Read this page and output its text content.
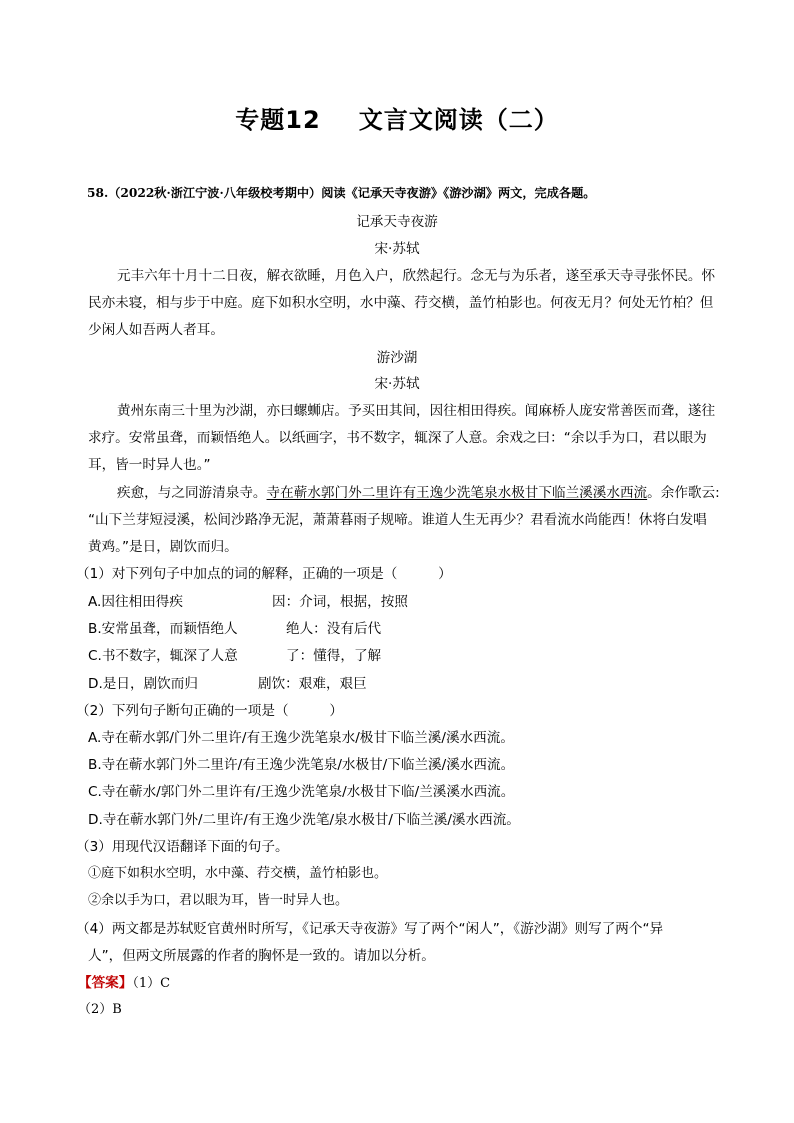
专题12 文言文阅读（二）
58.（2022秋·浙江宁波·八年级校考期中）阅读《记承天寺夜游》《游沙湖》两文，完成各题。
记承天寺夜游
宋·苏轼
元丰六年十月十二日夜，解衣欲睡，月色入户，欣然起行。念无与为乐者，遂至承天寺寻张怀民。怀
民亦未寝，相与步于中庭。庭下如积水空明，水中藻、荇交横，盖竹柏影也。何夜无月？何处无竹柏？但
少闲人如吾两人者耳。
游沙湖
宋·苏轼
黄州东南三十里为沙湖，亦曰螺蛳店。予买田其间，因往相田得疾。闻麻桥人庞安常善医而聋，遂往
求疗。安常虽聋，而颖悟绝人。以纸画字，书不数字，辄深了人意。余戏之曰：“余以手为口，君以眼为
耳，皆一时异人也。”
疾愈，与之同游清泉寺。寺在蕲水郭门外二里许有王逸少洗笔泉水极甘下临兰溪溪水西流。余作歌云:
“山下兰芽短浸溪，松间沙路净无泥，萧萧暮雨子规啼。谁道人生无再少？君看流水尚能西！休将白发唱
黄鸡。”是日，剧饮而归。
（1）对下列句子中加点的词的解释，正确的一项是（　　　）
A.因往相田得疾	因：介词，根据，按照
B.安常虽聋，而颖悟绝人	绝人：没有后代
C.书不数字，辄深了人意	了：懂得，了解
D.是日，剧饮而归	剧饮：艰难，艰巨
（2）下列句子断句正确的一项是（　　　）
A.寺在蕲水郭/门外二里许/有王逸少洗笔泉水/极甘下临兰溪/溪水西流。
B.寺在蕲水郭门外二里许/有王逸少洗笔泉/水极甘/下临兰溪/溪水西流。
C.寺在蕲水/郭门外二里许有/王逸少洗笔泉/水极甘下临/兰溪溪水西流。
D.寺在蕲水郭门外/二里许/有王逸少洗笔/泉水极甘/下临兰溪/溪水西流。
（3）用现代汉语翻译下面的句子。
①庭下如积水空明，水中藻、荇交横，盖竹柏影也。
②余以手为口，君以眼为耳，皆一时异人也。
（4）两文都是苏轼贬官黄州时所写，《记承天寺夜游》写了两个“闲人”，《游沙湖》则写了两个“异
人”，但两文所展露的作者的胸怀是一致的。请加以分析。
【答案】（1）C
（2）B
